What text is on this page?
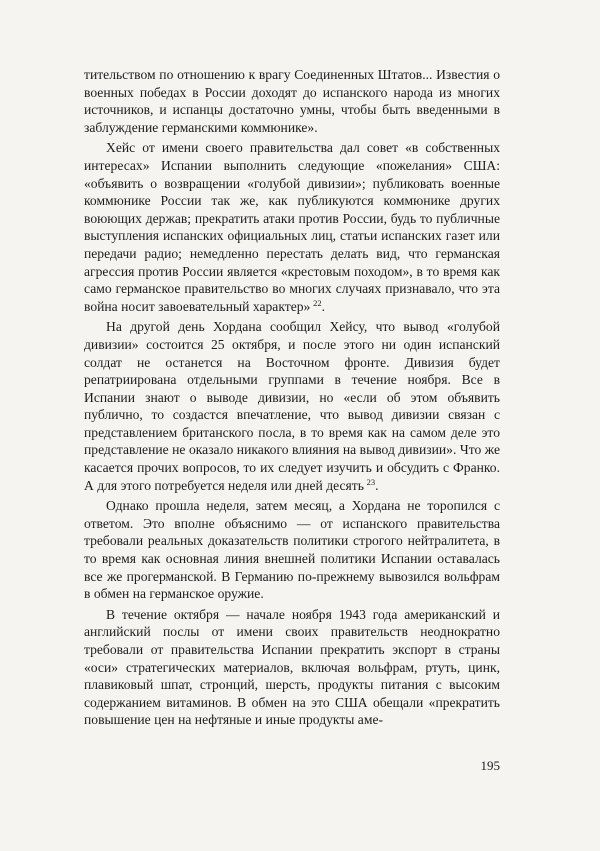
тительством по отношению к врагу Соединенных Штатов... Известия о военных победах в России доходят до испанского народа из многих источников, и испанцы достаточно умны, чтобы быть введенными в заблуждение германскими коммюнике».

Хейс от имени своего правительства дал совет «в собственных интересах» Испании выполнить следующие «пожелания» США: «объявить о возвращении «голубой дивизии»; публиковать военные коммюнике России так же, как публикуются коммюнике других воюющих держав; прекратить атаки против России, будь то публичные выступления испанских официальных лиц, статьи испанских газет или передачи радио; немедленно перестать делать вид, что германская агрессия против России является «крестовым походом», в то время как само германское правительство во многих случаях признавало, что эта война носит завоевательный характер»  $^{22}$.

На другой день Хордана сообщил Хейсу, что вывод «голубой дивизии» состоится 25 октября, и после этого ни один испанский солдат не останется на Восточном фронте. Дивизия будет репатриирована отдельными группами в течение ноября. Все в Испании знают о выводе дивизии, но «если об этом объявить публично, то создастся впечатление, что вывод дивизии связан с представлением британского посла, в то время как на самом деле это представление не оказало никакого влияния на вывод дивизии». Что же касается прочих вопросов, то их следует изучить и обсудить с Франко. А для этого потребуется неделя или дней десять  $^{23}$.

Однако прошла неделя, затем месяц, а Хордана не торопился с ответом. Это вполне объяснимо — от испанского правительства требовали реальных доказательств политики строгого нейтралитета, в то время как основная линия внешней политики Испании оставалась все же прогерманской. В Германию по-прежнему вывозился вольфрам в обмен на германское оружие.

В течение октября — начале ноября 1943 года американский и английский послы от имени своих правительств неоднократно требовали от правительства Испании прекратить экспорт в страны «оси» стратегических материалов, включая вольфрам, ртуть, цинк, плавиковый шпат, стронций, шерсть, продукты питания с высоким содержанием витаминов. В обмен на это США обещали «прекратить повышение цен на нефтяные и иные продукты аме-

195
